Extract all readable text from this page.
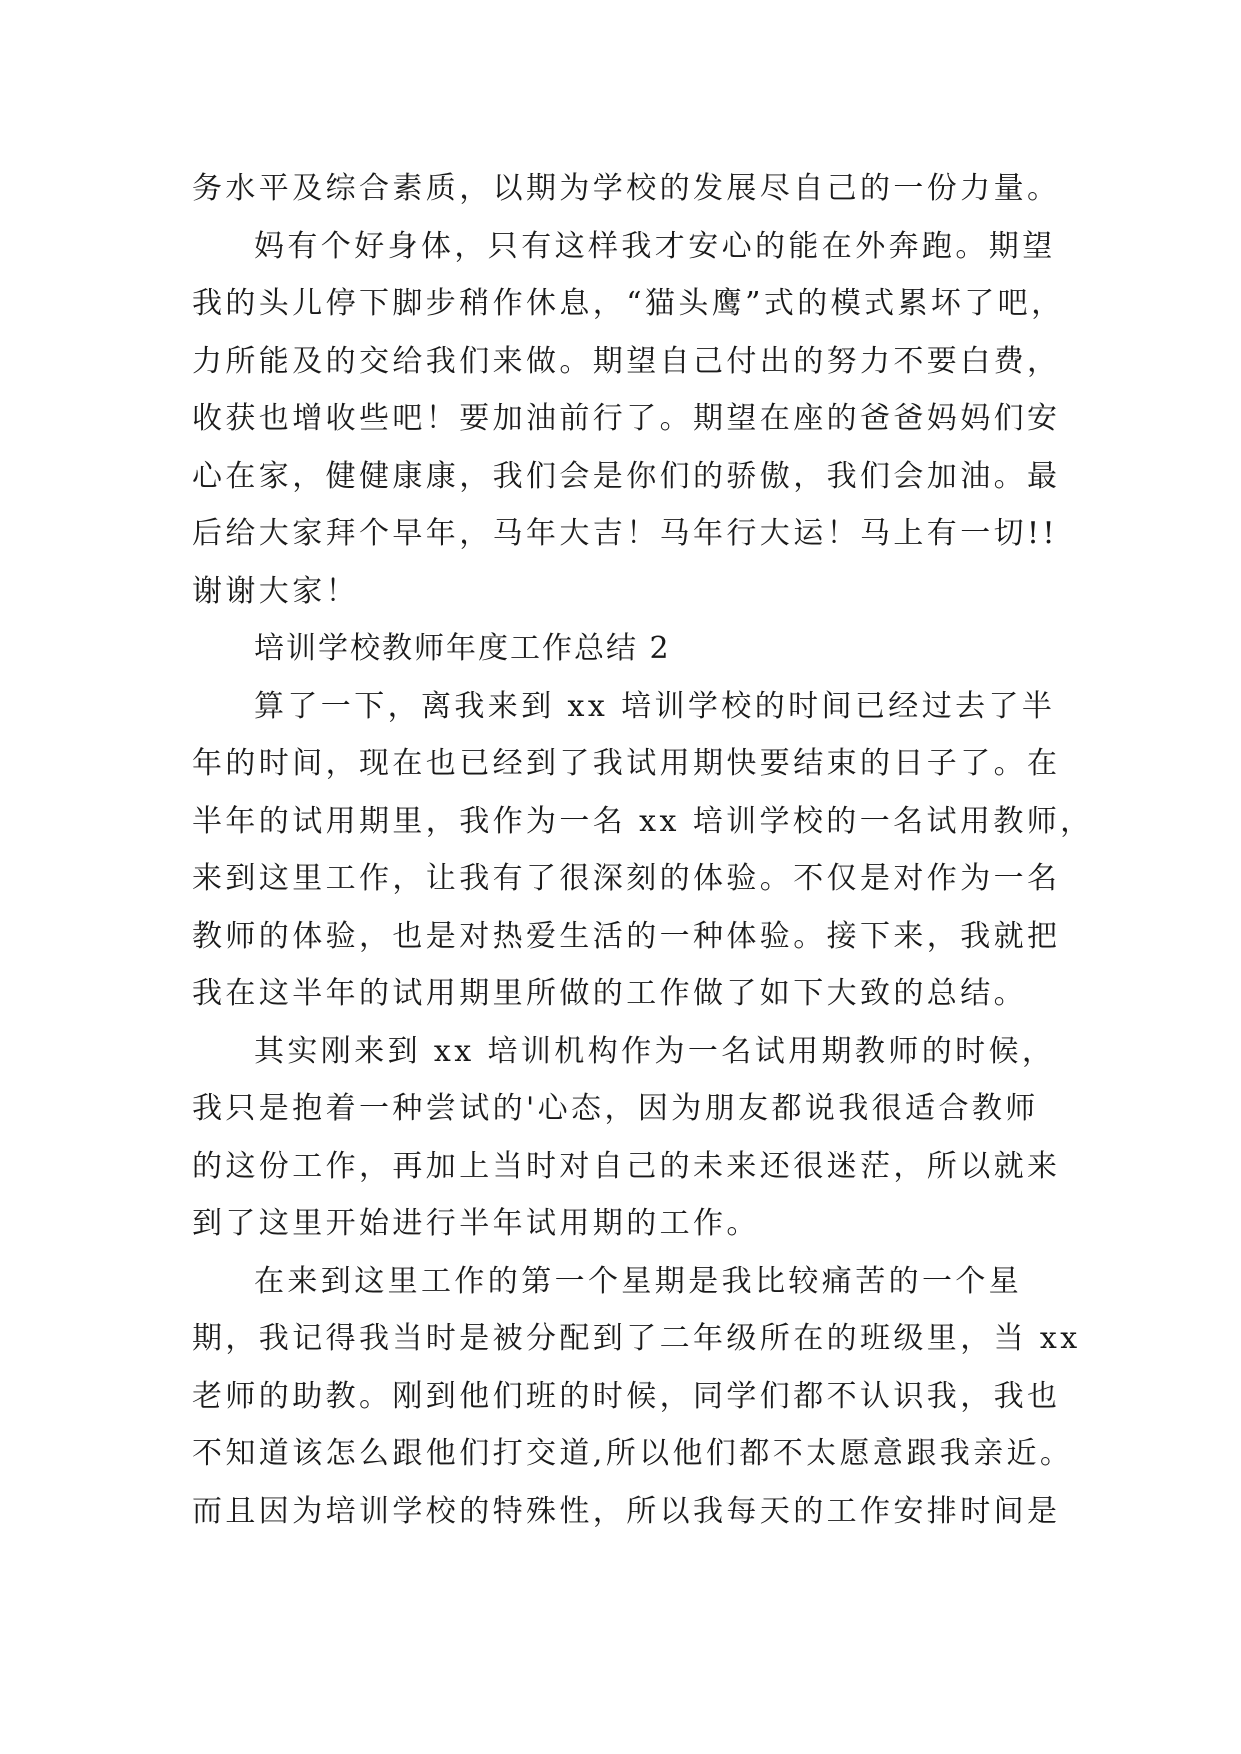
务水平及综合素质，以期为学校的发展尽自己的一份力量。
妈有个好身体，只有这样我才安心的能在外奔跑。期望
我的头儿停下脚步稍作休息，“猫头鹰”式的模式累坏了吧，
力所能及的交给我们来做。期望自己付出的努力不要白费，
收获也增收些吧！要加油前行了。期望在座的爸爸妈妈们安
心在家，健健康康，我们会是你们的骄傲，我们会加油。最
后给大家拜个早年，马年大吉！马年行大运！马上有一切!!
谢谢大家！
培训学校教师年度工作总结 2
算了一下，离我来到 xx 培训学校的时间已经过去了半
年的时间，现在也已经到了我试用期快要结束的日子了。在
半年的试用期里，我作为一名 xx 培训学校的一名试用教师，
来到这里工作，让我有了很深刻的体验。不仅是对作为一名
教师的体验，也是对热爱生活的一种体验。接下来，我就把
我在这半年的试用期里所做的工作做了如下大致的总结。
其实刚来到 xx 培训机构作为一名试用期教师的时候，
我只是抱着一种尝试的'心态，因为朋友都说我很适合教师
的这份工作，再加上当时对自己的未来还很迷茫，所以就来
到了这里开始进行半年试用期的工作。
在来到这里工作的第一个星期是我比较痛苦的一个星
期，我记得我当时是被分配到了二年级所在的班级里，当 xx
老师的助教。刚到他们班的时候，同学们都不认识我，我也
不知道该怎么跟他们打交道,所以他们都不太愿意跟我亲近。
而且因为培训学校的特殊性，所以我每天的工作安排时间是
